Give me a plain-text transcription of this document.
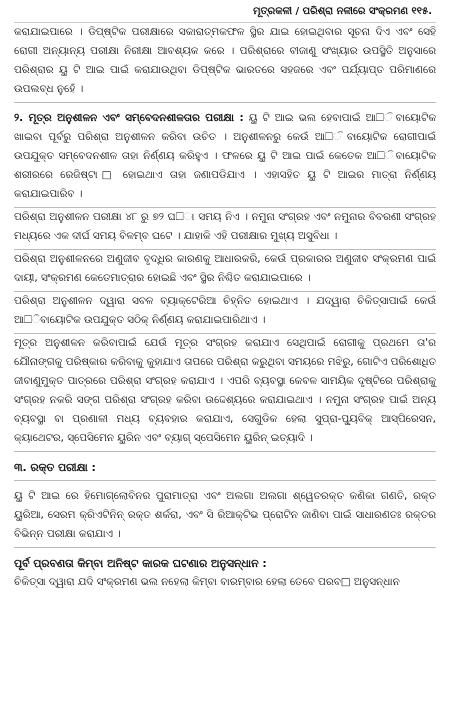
ମୂତ୍ରକଳୀ / ପରିଶ୍ରା ନଳୀରେ ସଂକ୍ରମଣ ୧୧୫.

କରାଯାଇପାରେ । ଡିପ୍‌ଷ୍ଟିକ ପରୀକ୍ଷାରେ ସକାରାତ୍ମକଫଳ ସ୍ଥିର ଯାଇ ହୋଇଥିବାର ସୂଚନା ଦିଏ ଏବଂ ସେହି ରୋଗୀ ଅନ୍ୟାନ୍ୟ ପରୀକ୍ଷା ନିରୀକ୍ଷା ଆବଶ୍ୟକ କରେ । ପରିଶ୍ରାରେ ବୀଜାଣୁ ସଂଖ୍ୟାର ଉପସ୍ଥିତି ଅନୁସାରେ ପରିଶ୍ରାର ୟୁ ଟି ଆଇ ପାଇଁ କରାଯାଉଥିବା ଡିପ୍‌ଷ୍ଟିକ ଭାରତରେ ସହଜରେ ଏବଂ ପର୍ଯ୍ୟାପ୍ତ ପରିମାଣରେ ଉପଲବ୍ଧ ନୁହେଁ ।

୨. ମୂତ୍ର ଅନୁଶୀଳନ ଏବଂ ସମ୍ବେଦନଶୀଳତାର ପରୀକ୍ଷା : ୟୁ ଟି ଆଇ ଭଲ ହେବାପାଇଁ ଆ□ିବାୟୋଟିକ ଖାଇବା ପୂର୍ବରୁ ପରିଶ୍ରା ଅନୁଶୀଳନ କରିବା ଉଚିତ । ଅନୁଶୀଳନରୁ କେଉଁ ଆ□ିବାୟୋଟିକ ରୋଗୀପାଇଁ ଉପଯୁକ୍ତ ସମ୍ବେଦନଶୀଳ ତାହା ନିର୍ଣ୍ଣୟ କରିହୁଏ । ଫଳରେ ୟୁ ଟି ଆଇ ପାଇଁ କେତେକ ଆ□ିବାୟୋଟିକ ଶରୀରରେ ରେଜିଷ୍ଟା□ ହୋଇଥାଏ ତାହା ଜଣାପଡିଯାଏ । ଏହାସହିତ ୟୁ ଟି ଆଇର ମାତ୍ରା ନିର୍ଣ୍ଣୟ କରାଯାଇପାରିବ ।

ପରିଶ୍ରା ଅନୁଶୀଳନ ପରୀକ୍ଷା ୪୮ ରୁ ୭୨ ଘ□ା ସମୟ ନିଏ । ନମୁନା ସଂଗ୍ରହ ଏବଂ ନମୁନାର ବିବରଣୀ ସଂଗ୍ରହ ମଧ୍ୟରେ ଏକ ଦୀର୍ଘ ସମୟ ବିଳମ୍ବ ଘଟେ । ଯାହାକି ଏହି ପରୀକ୍ଷାର ମୁଖ୍ୟ ଅସୁବିଧା ।

ପରିଶ୍ରା ଅନୁଶୀଳନରେ ଅଣୁଜୀବ ବୃଦ୍ଧିର କାରଣକୁ ଆଧାରକରି, କେଉଁ ପ୍ରକାରର ଅଣୁଜୀବ ସଂକ୍ରମଣ ପାଇଁ ଦାୟୀ, ସଂକ୍ରମଣ କେତେମାତ୍ରାର ହୋଇଛି ଏବଂ ସ୍ଥିର ନିଶ୍ଚିତ କରାଯାଇପାରେ ।

ପରିଶ୍ରା ଅନୁଶୀଳନ ଦ୍ୱାରା ସବଳ ବ୍ୟାକ୍ଟେରିଆ ଚିହ୍ନିତ ହୋଇଥାଏ । ଯଦ୍ୱାରା ଚିକିତ୍ସାପାଇଁ କେଉଁ ଆ□ିବାୟୋଟିକ ଉପଯୁକ୍ତ ସଠିକ୍ ନିର୍ଣ୍ଣୟ କରାଯାଇପାରିଥାଏ ।

ମୂତ୍ର ଅନୁଶୀଳନ କରିବାପାଇଁ ଯେଉଁ ମୂତ୍ର ସଂଗ୍ରହ କରାଯାଏ ସେଥିପାଇଁ ରୋଗୀକୁ ପ୍ରଥମେ ତା'ର ଯୌନାଙ୍ଗକୁ ପରିଷ୍କାର କରିବାକୁ କୁହାଯାଏ ତାପରେ ପରିଶ୍ରା କରୁଥିବା ସମୟରେ ମଝିରୁ, ଗୋଟିଏ ପରିଶୋଧିତ ଜୀବାଣୁମୁକ୍ତ ପାତ୍ରରେ ପରିଶ୍ରା ସଂଗ୍ରହ କରାଯାଏ । ଏପରି ବ୍ୟବସ୍ଥା କେବଳ ସାମୟିକ ଦୃଷ୍ଟିରେ ପରିଶ୍ରାକୁ ସଂଗ୍ରହ ନକରି ସଙ୍ଗ ପରିଶ୍ରା ସଂଗ୍ରହ କରିବା ଉଦ୍ଦେଶ୍ୟରେ କରାଯାଇଥାଏ । ନମୁନା ସଂଗ୍ରହ ପାଇଁ ଅନ୍ୟ ବ୍ୟବସ୍ଥା ବା ପ୍ରଣାଳୀ ମଧ୍ୟ ବ୍ୟବହାର କରାଯାଏ, ସେଗୁଡିକ ହେଲା ସୁପ୍ରା-ପ୍ୟୁବିକ୍ ଆସ୍ପିରେସନ, କ୍ୟାଥେଟର, ସ୍ପେସିମେନ ୟୁରିନ ଏବଂ ବ୍ୟାଗ୍ ସ୍ପେସିମେନ ୟୁରିନ୍ ଇତ୍ୟାଦି ।

୩. ରକ୍ତ ପରୀକ୍ଷା :

ୟୁ ଟି ଆଇ ରେ ହିମୋଗ୍ଲୋବିନର ପୁରାମାତ୍ରା ଏବଂ ଅଲଗା ଅଲଗା ଶ୍ୱେତରକ୍ତ କଣିକା ଗଣତି, ରକ୍ତ ୟୁରିଆ, ସେରମ କ୍ରିଏଟିନିନ୍ ରକ୍ତ ଶର୍କରା, ଏବଂ ସି ରିଆକ୍ଟିଭ ପ୍ରୋଟିନ ଜାଣିବା ପାଇଁ ସାଧାରଣତଃ ରକ୍ତର ବିଭିନ୍ନ ପରୀକ୍ଷା କରାଯାଏ ।

ପୂର୍ବ ପ୍ରବଣତା କିମ୍ବା ଅନିଷ୍ଟ କାରକ ଘଟଣାର ଅନୁସନ୍ଧାନ :

ଚିକିତ୍ସା ଦ୍ୱାରା ଯଦି ସଂକ୍ରମଣ ଭଲ ନହେଲା କିମ୍ବା ବାରମ୍ବାର ହେଲା ତେବେ ପରବ□ ଅନୁସନ୍ଧାନ
